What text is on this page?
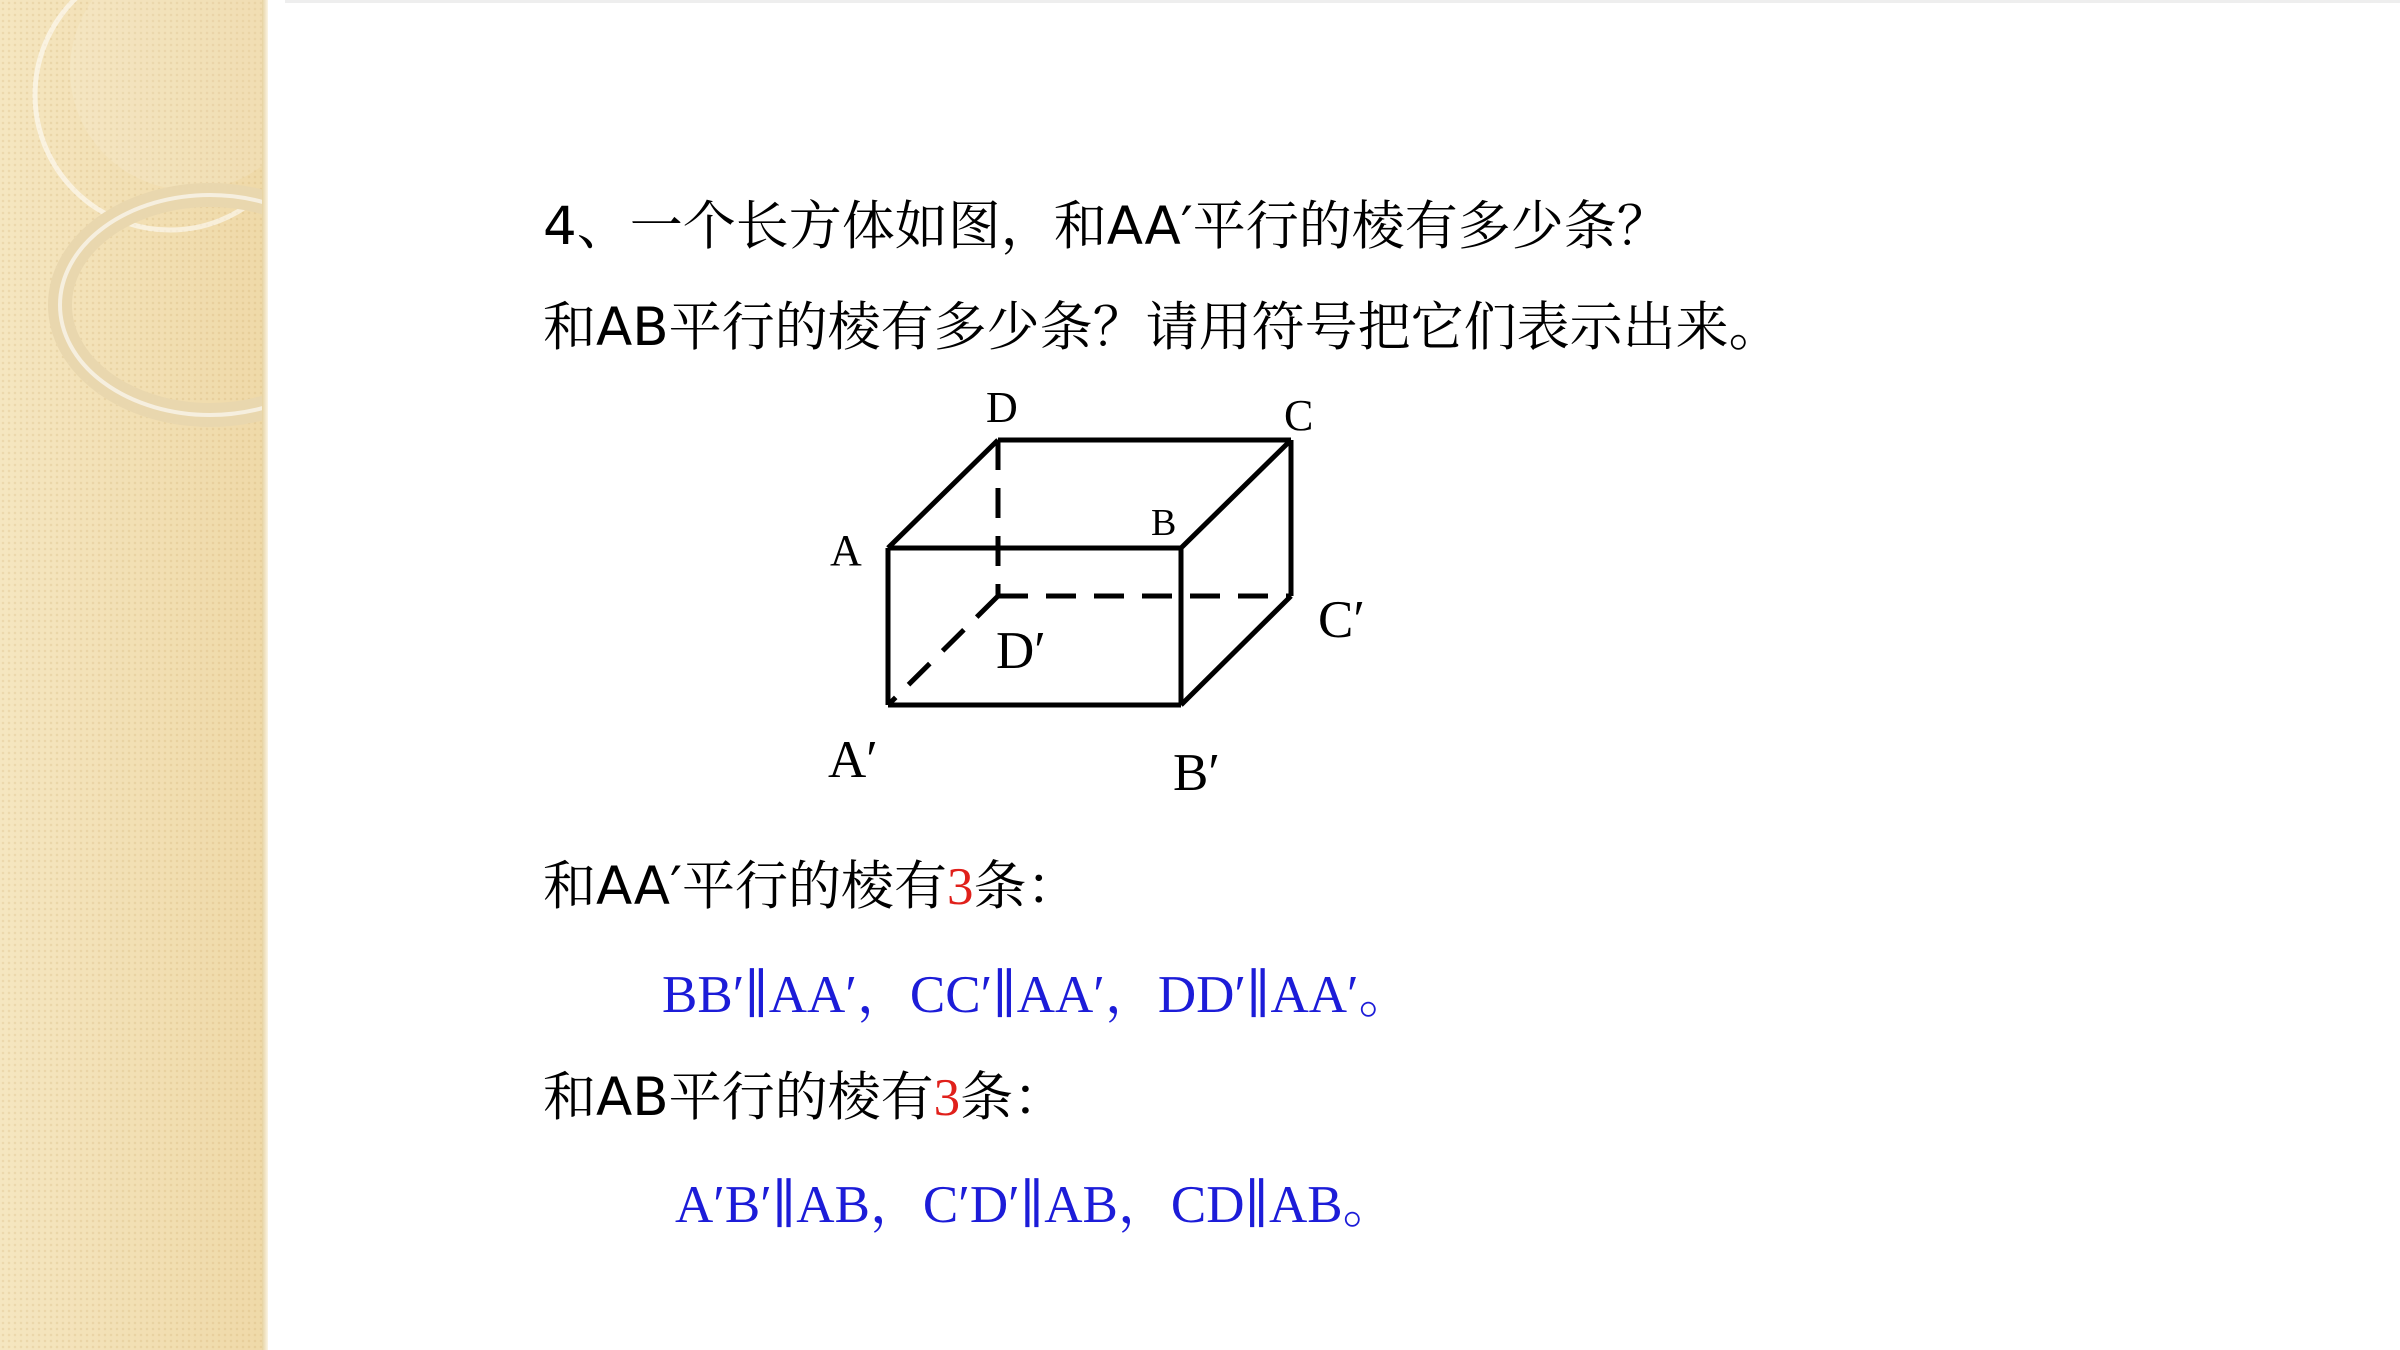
4、一个长方体如图，和AA′平行的棱有多少条？

和AB平行的棱有多少条？请用符号把它们表示出来。

D	C
A
B
C′
D′
A′	B′

和AA′平行的棱有3条：

BB′∥AA′，CC′∥AA′，DD′∥AA′。

和AB平行的棱有3条：

A′B′∥AB，C′D′∥AB，CD∥AB。
